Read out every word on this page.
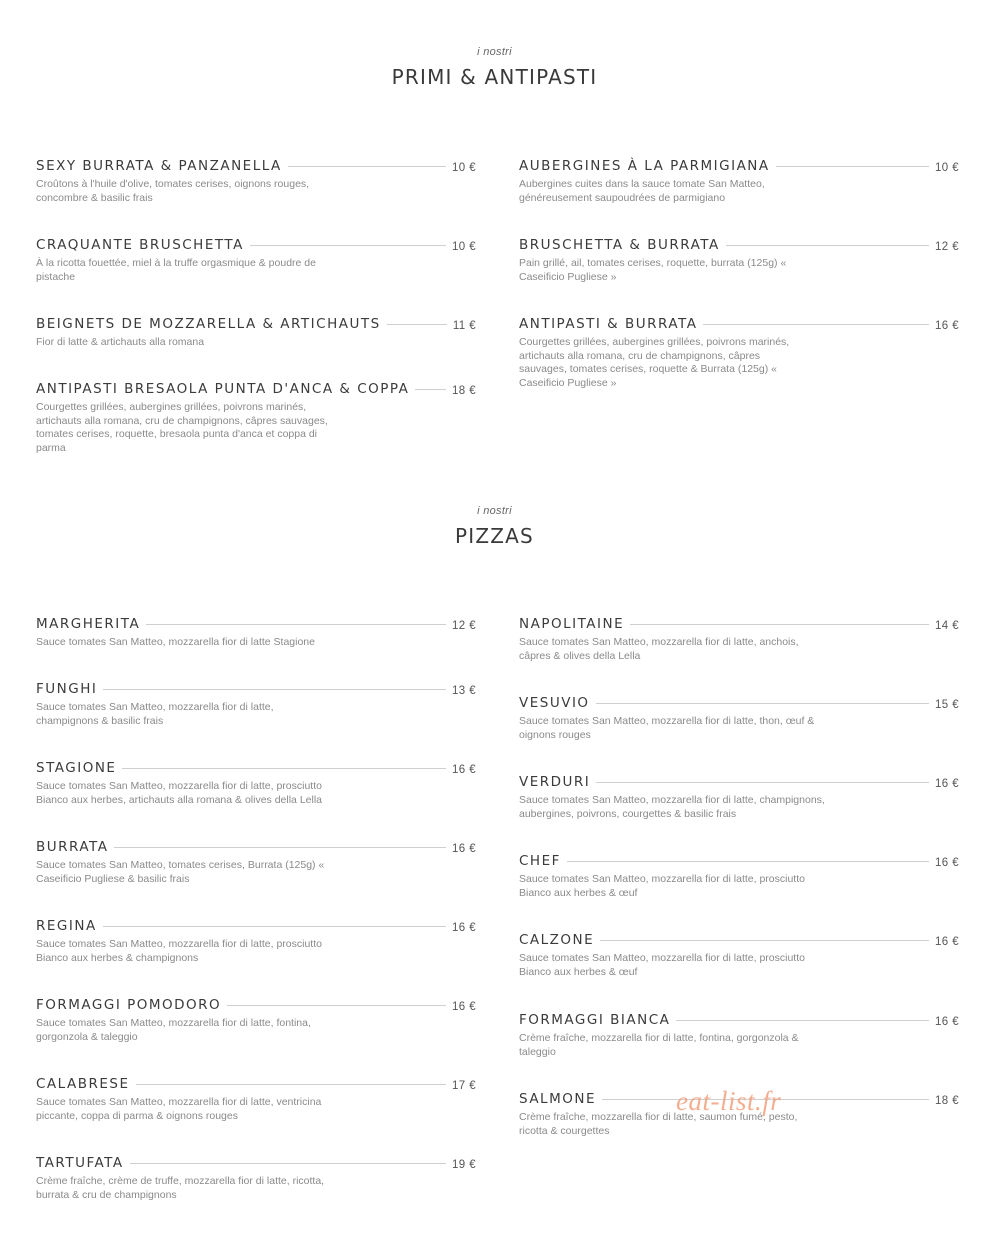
i nostri
PRIMI & ANTIPASTI
SEXY BURRATA & PANZANELLA	10 €
Croûtons à l'huile d'olive, tomates cerises, oignons rouges, concombre & basilic frais
AUBERGINES À LA PARMIGIANA	10 €
Aubergines cuites dans la sauce tomate San Matteo, généreusement saupoudrées de parmigiano
CRAQUANTE BRUSCHETTA	10 €
À la ricotta fouettée, miel à la truffe orgasmique & poudre de pistache
BRUSCHETTA & BURRATA	12 €
Pain grillé, ail, tomates cerises, roquette, burrata (125g) « Caseificio Pugliese »
BEIGNETS DE MOZZARELLA & ARTICHAUTS	11 €
Fior di latte & artichauts alla romana
ANTIPASTI & BURRATA	16 €
Courgettes grillées, aubergines grillées, poivrons marinés, artichauts alla romana, cru de champignons, câpres sauvages, tomates cerises, roquette & Burrata (125g) « Caseificio Pugliese »
ANTIPASTI BRESAOLA PUNTA D'ANCA & COPPA	18 €
Courgettes grillées, aubergines grillées, poivrons marinés, artichauts alla romana, cru de champignons, câpres sauvages, tomates cerises, roquette, bresaola punta d'anca et coppa di parma
i nostri
PIZZAS
MARGHERITA	12 €
Sauce tomates San Matteo, mozzarella fior di latte Stagione
FUNGHI	13 €
Sauce tomates San Matteo, mozzarella fior di latte, champignons & basilic frais
STAGIONE	16 €
Sauce tomates San Matteo, mozzarella fior di latte, prosciutto Bianco aux herbes, artichauts alla romana & olives della Lella
BURRATA	16 €
Sauce tomates San Matteo, tomates cerises, Burrata (125g) « Caseificio Pugliese & basilic frais
REGINA	16 €
Sauce tomates San Matteo, mozzarella fior di latte, prosciutto Bianco aux herbes & champignons
FORMAGGI POMODORO	16 €
Sauce tomates San Matteo, mozzarella fior di latte, fontina, gorgonzola & taleggio
CALABRESE	17 €
Sauce tomates San Matteo, mozzarella fior di latte, ventricina piccante, coppa di parma & oignons rouges
TARTUFATA	19 €
Crème fraîche, crème de truffe, mozzarella fior di latte, ricotta, burrata & cru de champignons
NAPOLITAINE	14 €
Sauce tomates San Matteo, mozzarella fior di latte, anchois, câpres & olives della Lella
VESUVIO	15 €
Sauce tomates San Matteo, mozzarella fior di latte, thon, œuf & oignons rouges
VERDURI	16 €
Sauce tomates San Matteo, mozzarella fior di latte, champignons, aubergines, poivrons, courgettes & basilic frais
CHEF	16 €
Sauce tomates San Matteo, mozzarella fior di latte, prosciutto Bianco aux herbes & œuf
CALZONE	16 €
Sauce tomates San Matteo, mozzarella fior di latte, prosciutto Bianco aux herbes & œuf
FORMAGGI BIANCA	16 €
Crème fraîche, mozzarella fior di latte, fontina, gorgonzola & taleggio
SALMONE	18 €
Crème fraîche, mozzarella fior di latte, saumon fumé, pesto, ricotta & courgettes
eat-list.fr
